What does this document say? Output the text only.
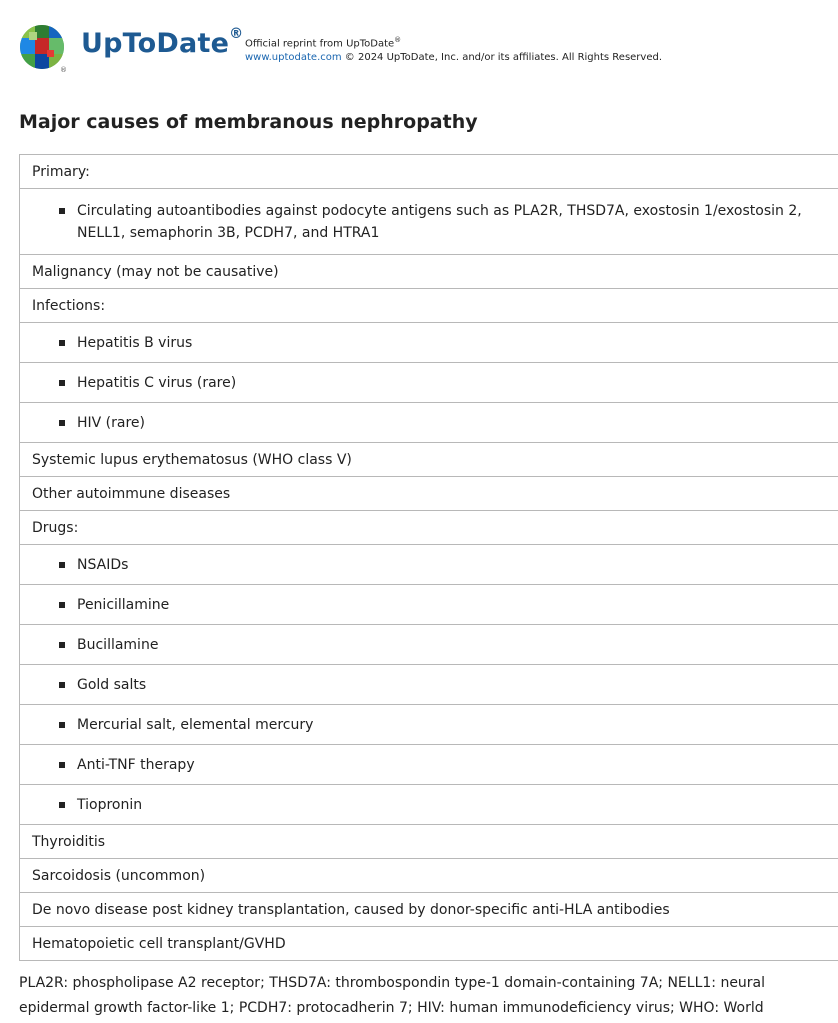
®
UpToDate®
Official reprint from UpToDate®
www.uptodate.com © 2024 UpToDate, Inc. and/or its affiliates. All Rights Reserved.
Major causes of membranous nephropathy
Primary:

Circulating autoantibodies against podocyte antigens such as PLA2R, THSD7A, exostosin 1/exostosin 2, NELL1, semaphorin 3B, PCDH7, and HTRA1

Malignancy (may not be causative)
Infections:

Hepatitis B virus

Hepatitis C virus (rare)

HIV (rare)

Systemic lupus erythematosus (WHO class V)
Other autoimmune diseases
Drugs:

NSAIDs

Penicillamine

Bucillamine

Gold salts

Mercurial salt, elemental mercury

Anti-TNF therapy

Tiopronin

Thyroiditis
Sarcoidosis (uncommon)
De novo disease post kidney transplantation, caused by donor-specific anti-HLA antibodies
Hematopoietic cell transplant/GVHD

PLA2R: phospholipase A2 receptor; THSD7A: thrombospondin type-1 domain-containing 7A; NELL1: neural epidermal growth factor-like 1; PCDH7: protocadherin 7; HIV: human immunodeficiency virus; WHO: World
